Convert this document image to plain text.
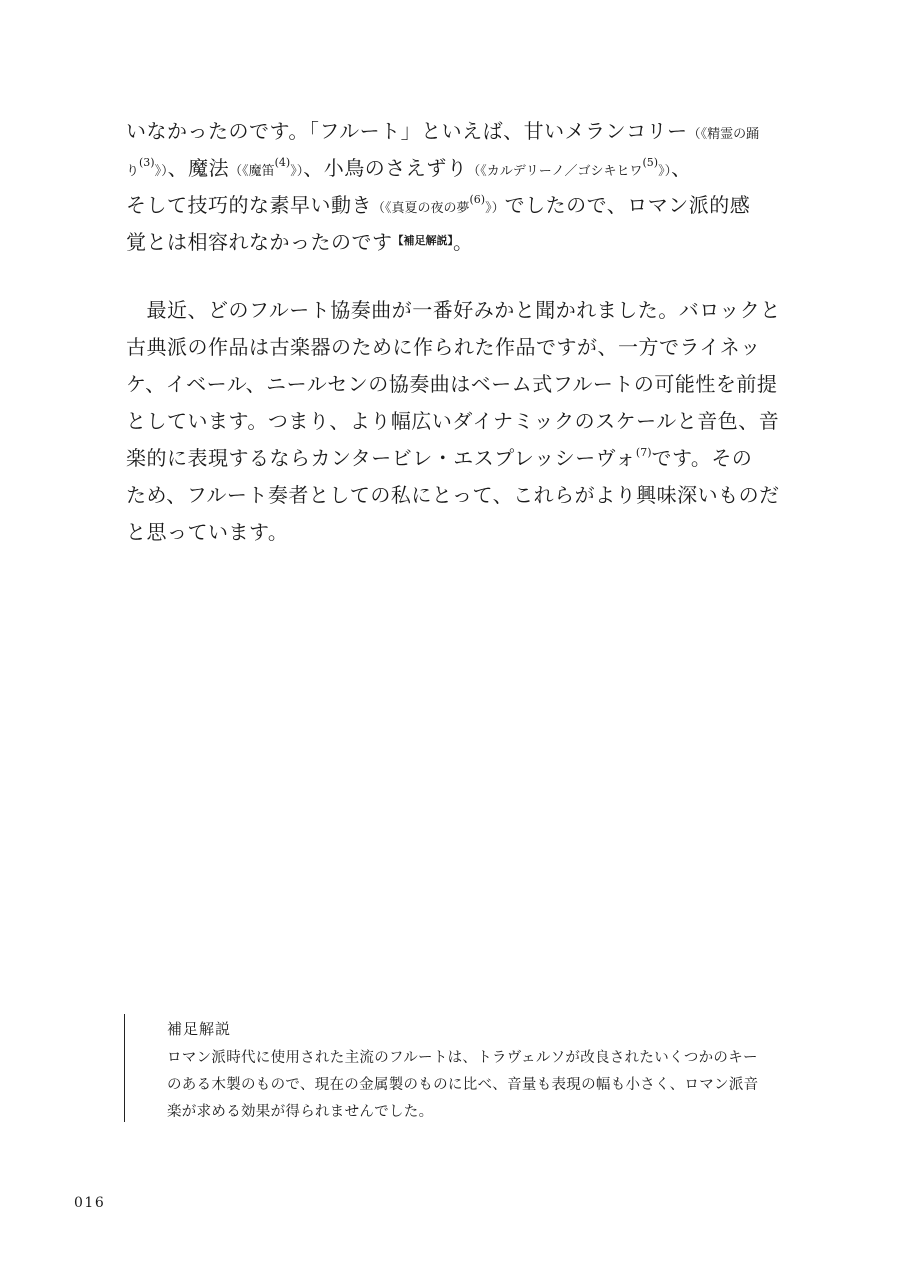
いなかったのです。「フルート」といえば、甘いメランコリー（《精霊の踊
り$^{(3)}$》）、魔法（《魔笛$^{(4)}$》）、小鳥のさえずり（《カルデリーノ／ゴシキヒワ$^{(5)}$》）、
そして技巧的な素早い動き（《真夏の夜の夢$^{(6)}$》）でしたので、ロマン派的感
覚とは相容れなかったのです$^{【補足解説】}$。
　最近、どのフルート協奏曲が一番好みかと聞かれました。バロックと
古典派の作品は古楽器のために作られた作品ですが、一方でライネッ
ケ、イベール、ニールセンの協奏曲はベーム式フルートの可能性を前提
としています。つまり、より幅広いダイナミックのスケールと音色、音
楽的に表現するならカンタービレ・エスプレッシーヴォ$^{(7)}$です。その
ため、フルート奏者としての私にとって、これらがより興味深いものだ
と思っています。

補足解説

ロマン派時代に使用された主流のフルートは、トラヴェルソが改良されたいくつかのキー
のある木製のもので、現在の金属製のものに比べ、音量も表現の幅も小さく、ロマン派音
楽が求める効果が得られませんでした。

016
